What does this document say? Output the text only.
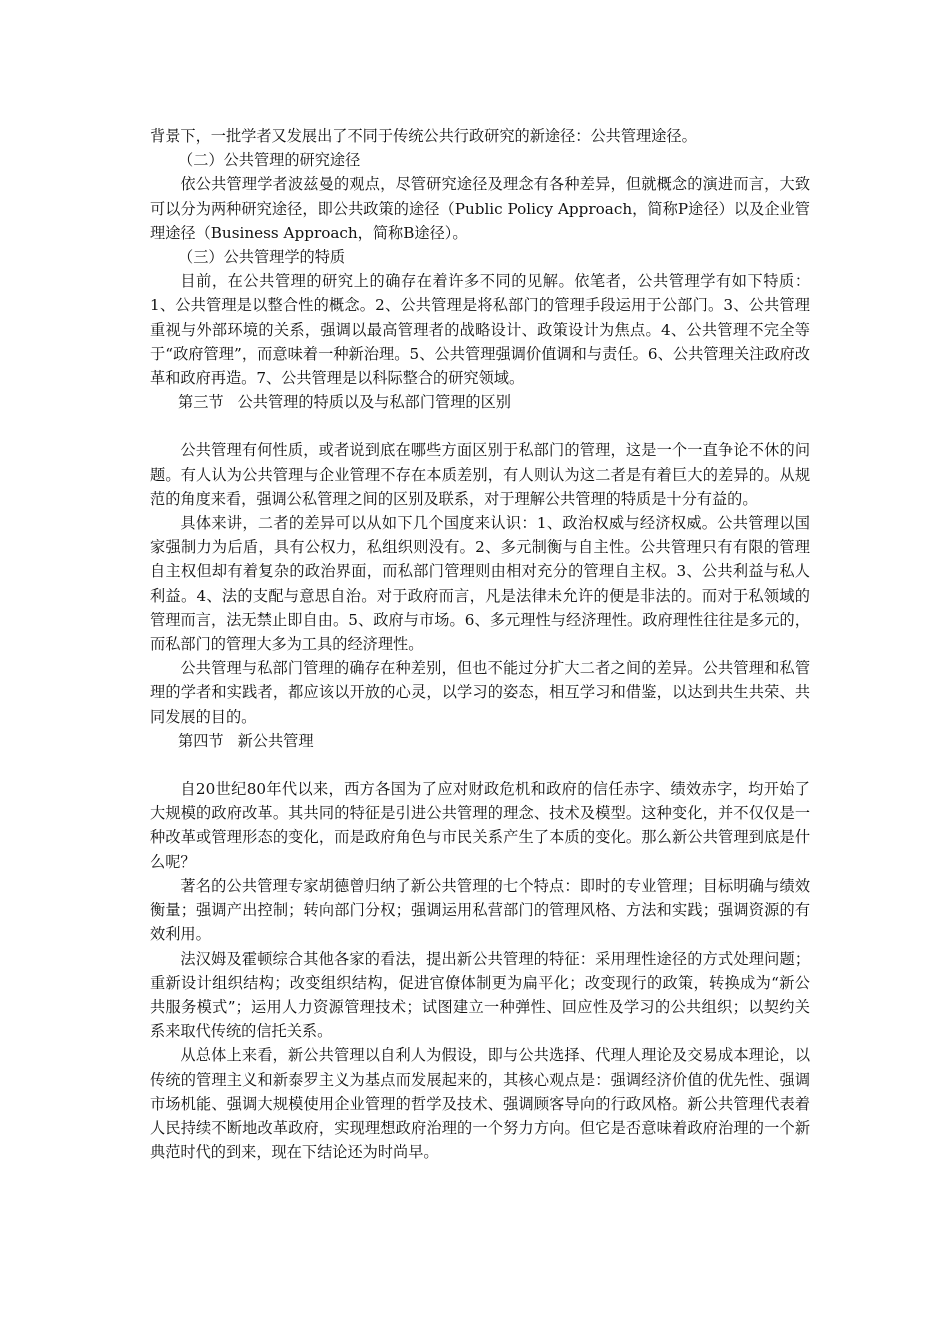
背景下，一批学者又发展出了不同于传统公共行政研究的新途径：公共管理途径。

（二）公共管理的研究途径

依公共管理学者波兹曼的观点，尽管研究途径及理念有各种差异，但就概念的演进而言，大致可以分为两种研究途径，即公共政策的途径（Public Policy Approach，简称P途径）以及企业管理途径（Business Approach，简称B途径）。

（三）公共管理学的特质

目前，在公共管理的研究上的确存在着许多不同的见解。依笔者，公共管理学有如下特质：1、公共管理是以整合性的概念。2、公共管理是将私部门的管理手段运用于公部门。3、公共管理重视与外部环境的关系，强调以最高管理者的战略设计、政策设计为焦点。4、公共管理不完全等于“政府管理”，而意味着一种新治理。5、公共管理强调价值调和与责任。6、公共管理关注政府改革和政府再造。7、公共管理是以科际整合的研究领域。

第三节 公共管理的特质以及与私部门管理的区别

公共管理有何性质，或者说到底在哪些方面区别于私部门的管理，这是一个一直争论不休的问题。有人认为公共管理与企业管理不存在本质差别，有人则认为这二者是有着巨大的差异的。从规范的角度来看，强调公私管理之间的区别及联系，对于理解公共管理的特质是十分有益的。

具体来讲，二者的差异可以从如下几个国度来认识：1、政治权威与经济权威。公共管理以国家强制力为后盾，具有公权力，私组织则没有。2、多元制衡与自主性。公共管理只有有限的管理自主权但却有着复杂的政治界面，而私部门管理则由相对充分的管理自主权。3、公共利益与私人利益。4、法的支配与意思自治。对于政府而言，凡是法律未允许的便是非法的。而对于私领域的管理而言，法无禁止即自由。5、政府与市场。6、多元理性与经济理性。政府理性往往是多元的，而私部门的管理大多为工具的经济理性。

公共管理与私部门管理的确存在种差别，但也不能过分扩大二者之间的差异。公共管理和私管理的学者和实践者，都应该以开放的心灵，以学习的姿态，相互学习和借鉴，以达到共生共荣、共同发展的目的。

第四节 新公共管理

自20世纪80年代以来，西方各国为了应对财政危机和政府的信任赤字、绩效赤字，均开始了大规模的政府改革。其共同的特征是引进公共管理的理念、技术及模型。这种变化，并不仅仅是一种改革或管理形态的变化，而是政府角色与市民关系产生了本质的变化。那么新公共管理到底是什么呢？

著名的公共管理专家胡德曾归纳了新公共管理的七个特点：即时的专业管理；目标明确与绩效衡量；强调产出控制；转向部门分权；强调运用私营部门的管理风格、方法和实践；强调资源的有效利用。

法汉姆及霍顿综合其他各家的看法，提出新公共管理的特征：采用理性途径的方式处理问题；重新设计组织结构；改变组织结构，促进官僚体制更为扁平化；改变现行的政策，转换成为“新公共服务模式”；运用人力资源管理技术；试图建立一种弹性、回应性及学习的公共组织；以契约关系来取代传统的信托关系。

从总体上来看，新公共管理以自利人为假设，即与公共选择、代理人理论及交易成本理论，以传统的管理主义和新泰罗主义为基点而发展起来的，其核心观点是：强调经济价值的优先性、强调市场机能、强调大规模使用企业管理的哲学及技术、强调顾客导向的行政风格。新公共管理代表着人民持续不断地改革政府，实现理想政府治理的一个努力方向。但它是否意味着政府治理的一个新典范时代的到来，现在下结论还为时尚早。
